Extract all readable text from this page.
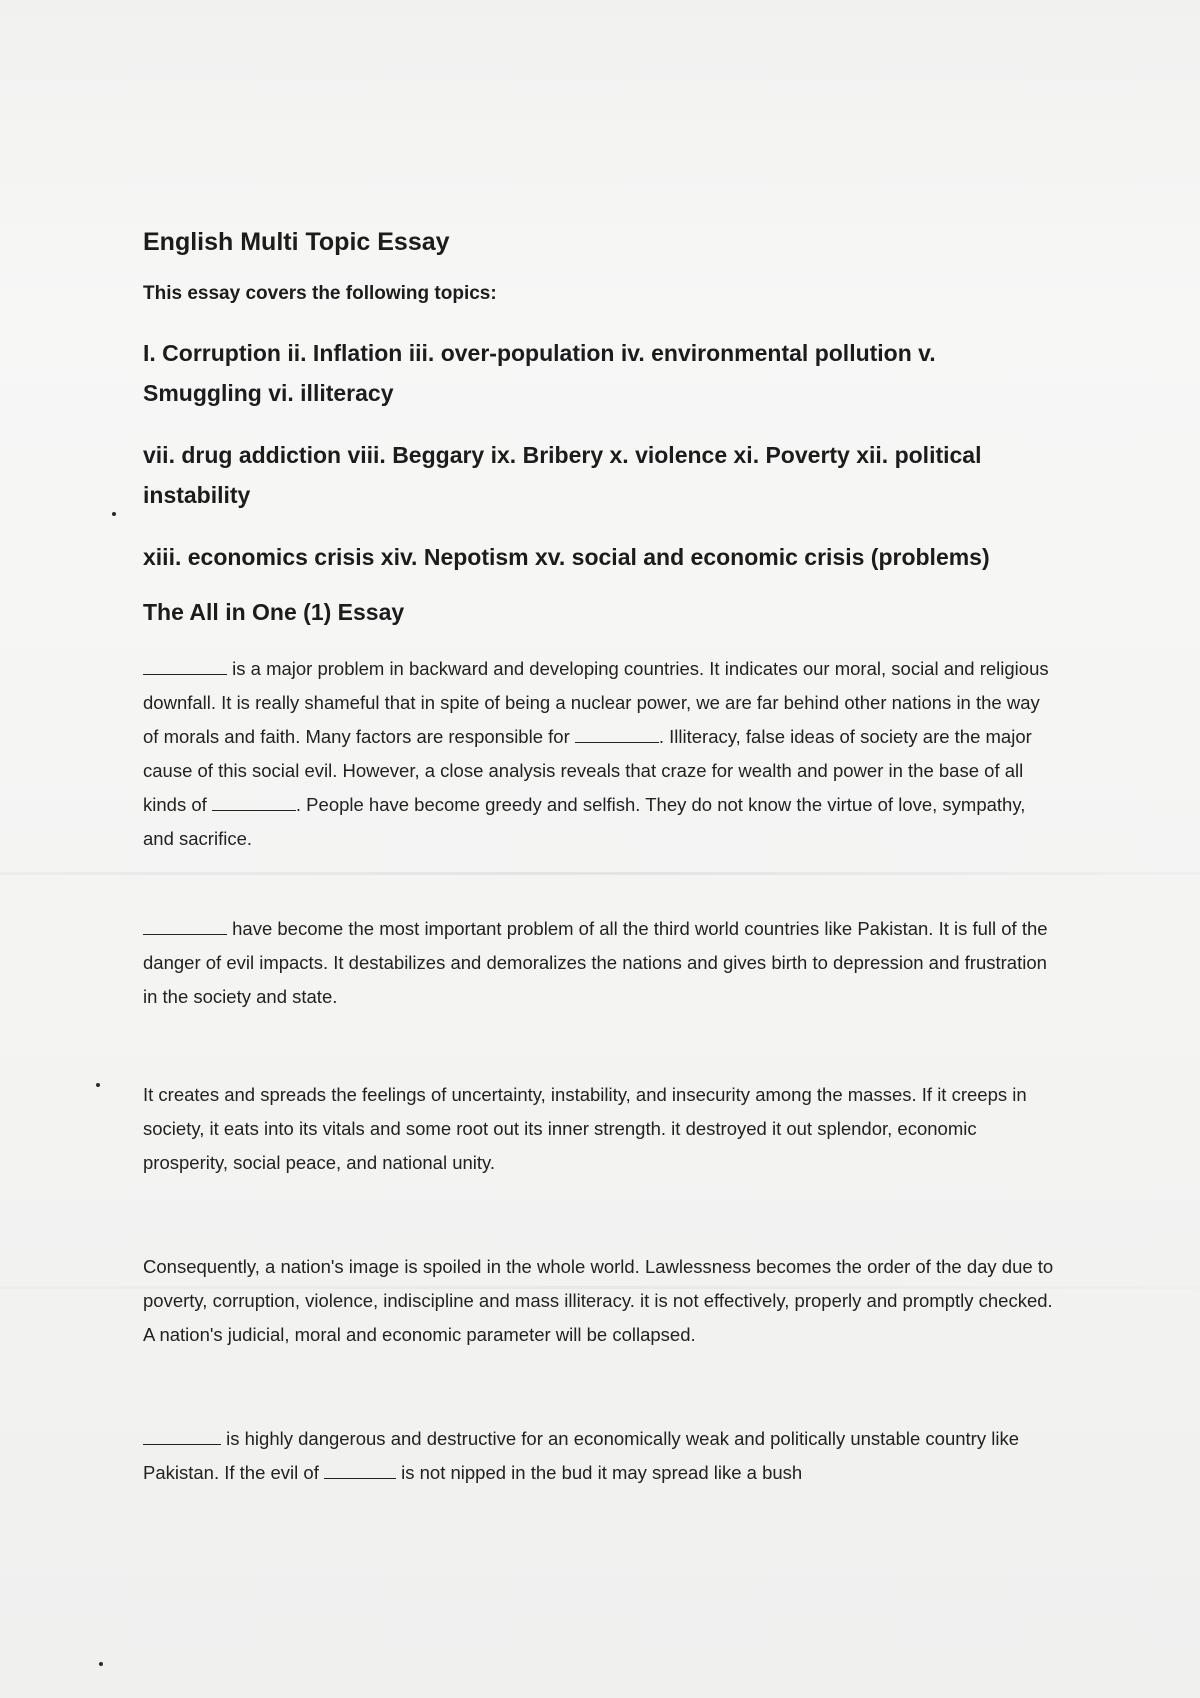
English Multi Topic Essay

This essay covers the following topics:

I. Corruption ii. Inflation iii. over-population iv. environmental pollution v. Smuggling vi. illiteracy

vii. drug addiction viii. Beggary ix. Bribery x. violence xi. Poverty xii. political instability

xiii. economics crisis xiv. Nepotism xv. social and economic crisis (problems)

The All in One (1) Essay

is a major problem in backward and developing countries. It indicates our moral, social and religious downfall. It is really shameful that in spite of being a nuclear power, we are far behind other nations in the way of morals and faith. Many factors are responsible for	. Illiteracy, false ideas of society are the major cause of this social evil. However, a close analysis reveals that craze for wealth and power in the base of all kinds of	. People have become greedy and selfish. They do not know the virtue of love, sympathy, and sacrifice.

have become the most important problem of all the third world countries like Pakistan. It is full of the danger of evil impacts. It destabilizes and demoralizes the nations and gives birth to depression and frustration in the society and state.

It creates and spreads the feelings of uncertainty, instability, and insecurity among the masses. If it creeps in society, it eats into its vitals and some root out its inner strength. it destroyed it out splendor, economic prosperity, social peace, and national unity.

Consequently, a nation's image is spoiled in the whole world. Lawlessness becomes the order of the day due to poverty, corruption, violence, indiscipline and mass illiteracy. it is not effectively, properly and promptly checked. A nation's judicial, moral and economic parameter will be collapsed.

is highly dangerous and destructive for an economically weak and politically unstable country like Pakistan. If the evil of	is not nipped in the bud it may spread like a bush
